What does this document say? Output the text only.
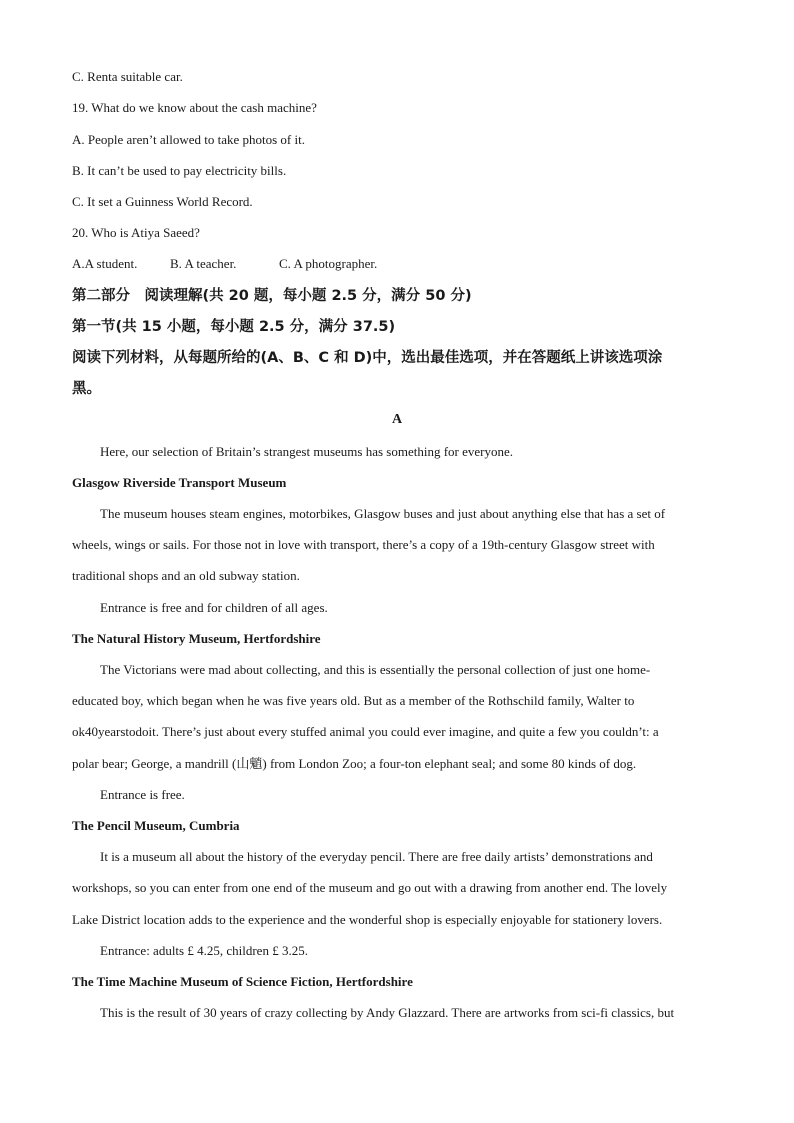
C. Renta suitable car.
19. What do we know about the cash machine?
A. People aren’t allowed to take photos of it.
B. It can’t be used to pay electricity bills.
C. It set a Guinness World Record.
20. Who is Atiya Saeed?
A.A student.	B. A teacher.	C. A photographer.
第二部分　阅读理解(共 20 题，每小题 2.5 分，满分 50 分)
第一节(共 15 小题，每小题 2.5 分，满分 37.5)
阅读下列材料，从每题所给的(A、B、C 和 D)中，选出最佳选项，并在答题纸上讲该选项涂
黑。
A
Here, our selection of Britain’s strangest museums has something for everyone.
Glasgow Riverside Transport Museum
The museum houses steam engines, motorbikes, Glasgow buses and just about anything else that has a set of
wheels, wings or sails. For those not in love with transport, there’s a copy of a 19th-century Glasgow street with
traditional shops and an old subway station.
Entrance is free and for children of all ages.
The Natural History Museum, Hertfordshire
The Victorians were mad about collecting, and this is essentially the personal collection of just one home-
educated boy, which began when he was five years old. But as a member of the Rothschild family, Walter to
ok40yearstodoit. There’s just about every stuffed animal you could ever imagine, and quite a few you couldn’t: a
polar bear; George, a mandrill (山魈) from London Zoo; a four-ton elephant seal; and some 80 kinds of dog.
Entrance is free.
The Pencil Museum, Cumbria
It is a museum all about the history of the everyday pencil. There are free daily artists’ demonstrations and
workshops, so you can enter from one end of the museum and go out with a drawing from another end. The lovely
Lake District location adds to the experience and the wonderful shop is especially enjoyable for stationery lovers.
Entrance: adults £ 4.25, children £ 3.25.
The Time Machine Museum of Science Fiction, Hertfordshire
This is the result of 30 years of crazy collecting by Andy Glazzard. There are artworks from sci-fi classics, but
